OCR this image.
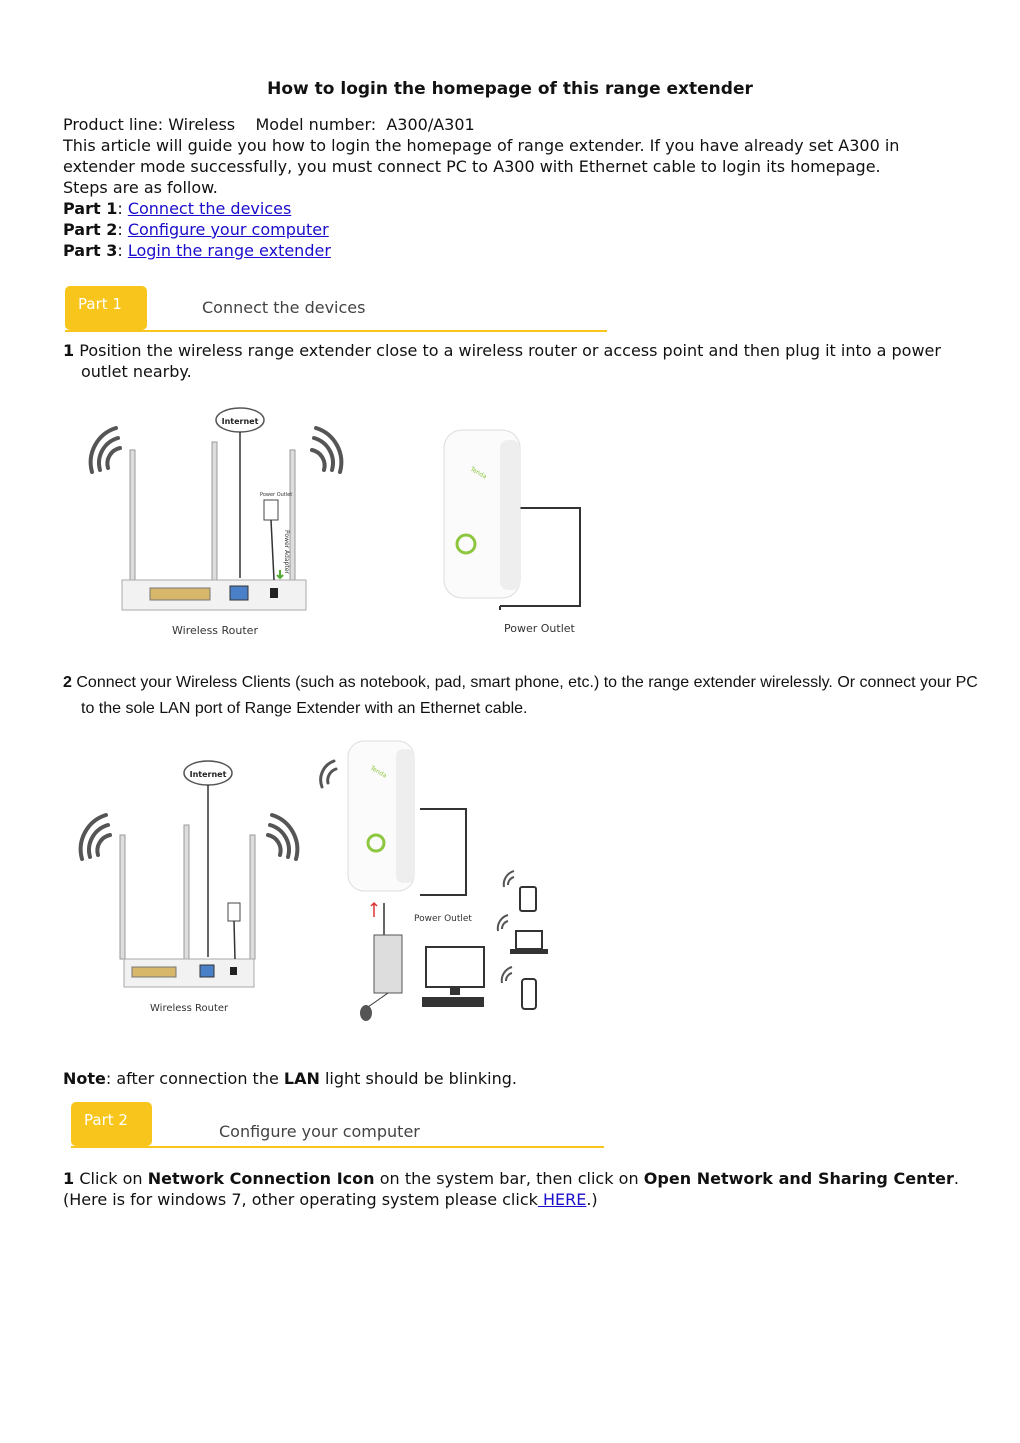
How to login the homepage of this range extender
Product line: Wireless Model number: A300/A301
This article will guide you how to login the homepage of range extender. If you have already set A300 in extender mode successfully, you must connect PC to A300 with Ethernet cable to login its homepage.
Steps are as follow.
Part 1: Connect the devices
Part 2: Configure your computer
Part 3: Login the range extender
Part 1	Connect the devices
1 Position the wireless range extender close to a wireless router or access point and then plug it into a power outlet nearby.
Internet
Power Outlet
Power Adapter
Wireless Router
Tenda
Power Outlet
2 Connect your Wireless Clients (such as notebook, pad, smart phone, etc.) to the range extender wirelessly. Or connect your PC to the sole LAN port of Range Extender with an Ethernet cable.
Internet
Wireless Router
Tenda
Power Outlet
Note: after connection the LAN light should be blinking.
Part 2
Configure your computer
1 Click on Network Connection Icon on the system bar, then click on Open Network and Sharing Center. (Here is for windows 7, other operating system please click HERE.)
